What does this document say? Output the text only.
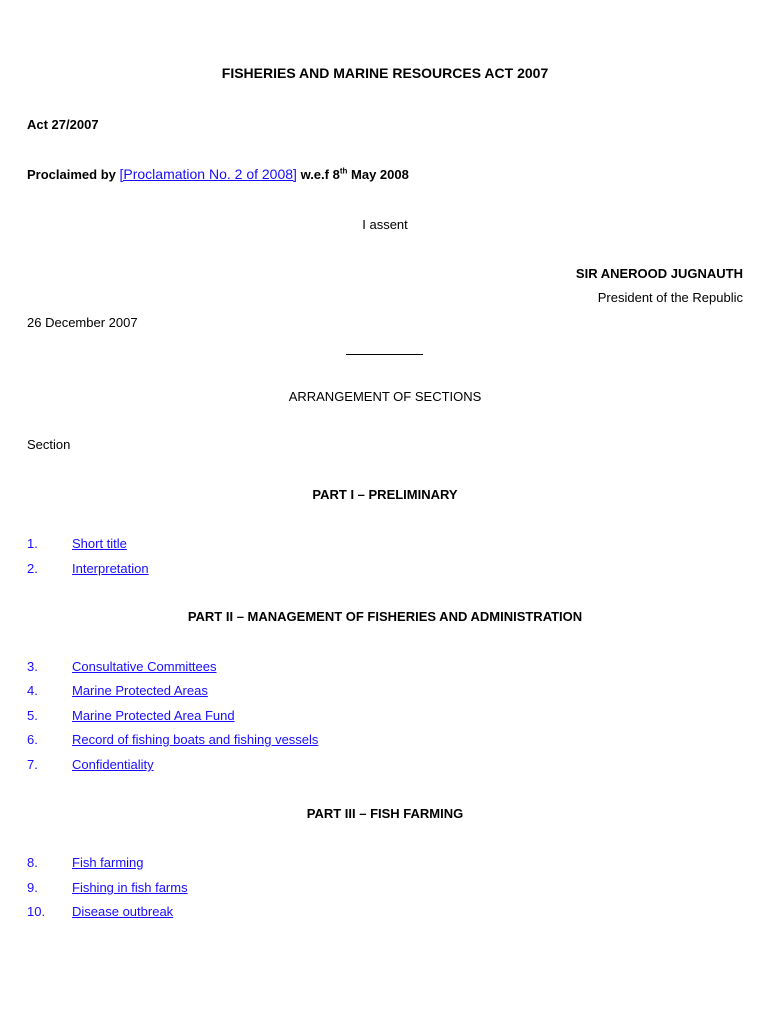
FISHERIES AND MARINE RESOURCES ACT 2007
Act 27/2007
Proclaimed by [Proclamation No. 2 of 2008] w.e.f 8th May 2008
I assent
SIR ANEROOD JUGNAUTH
President of the Republic
26 December 2007
ARRANGEMENT OF SECTIONS
Section
PART I – PRELIMINARY
1.	Short title
2.	Interpretation
PART II – MANAGEMENT OF FISHERIES AND ADMINISTRATION
3.	Consultative Committees
4.	Marine Protected Areas
5.	Marine Protected Area Fund
6.	Record of fishing boats and fishing vessels
7.	Confidentiality
PART III – FISH FARMING
8.	Fish farming
9.	Fishing in fish farms
10. Disease outbreak
